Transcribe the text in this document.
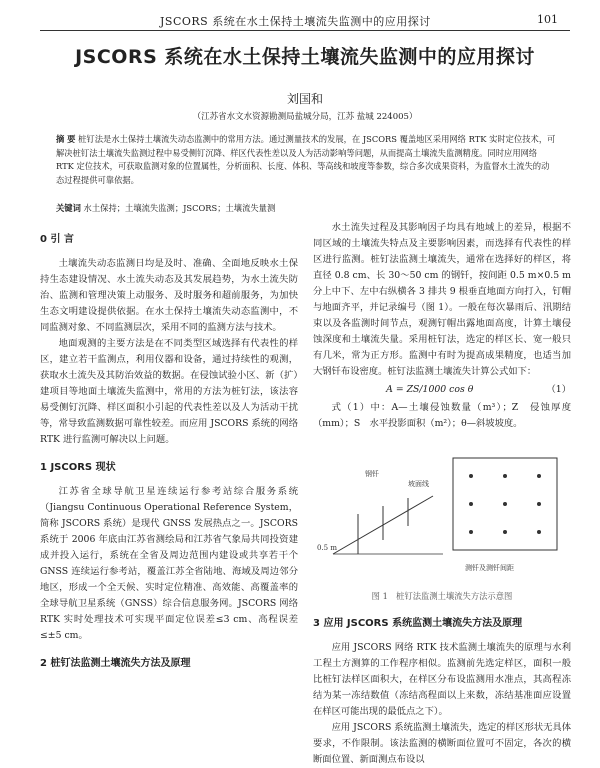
JSCORS 系统在水土保持土壤流失监测中的应用探讨	101
JSCORS 系统在水土保持土壤流失监测中的应用探讨
刘国和
（江苏省水文水资源勘测局盐城分局，江苏 盐城 224005）
摘 要 桩钉法是水土保持土壤流失动态监测中的常用方法。通过测量技术的发展，在 JSCORS 覆盖地区采用网络 RTK 实时定位技术，可解决桩钉法土壤流失监测过程中易受侧钉沉降、样区代表性差以及人为活动影响等问题，从而提高土壤流失监测精度。同时应用网络 RTK 定位技术，可获取监测对象的位置属性，分析面积、长度、体积、等高线和坡度等参数，综合多次成果资料，为监督水土流失的动态过程提供可靠依据。
关键词 水土保持；土壤流失监测；JSCORS；土壤流失量测
0 引 言

土壤流失动态监测日均是及时、准确、全面地反映水土保持生态建设情况、水土流失动态及其发展趋势，为水土流失防治、监测和管理决策上动服务、及时服务和超前服务，为加快生态文明建设提供依据。在水土保持土壤流失动态监测中，不同监测对象、不同监测层次，采用不同的监测方法与技术。

地面观测的主要方法是在不同类型区域选择有代表性的样区，建立若干监测点，利用仪器和设备，通过持续性的观测，获取水土流失及其防治效益的数据。在侵蚀试验小区、新（扩）建项目等地面土壤流失监测中，常用的方法为桩钉法，该法容易受侧钉沉降、样区面积小引起的代表性差以及人为活动干扰等，常导致监测数据可靠性较差。而应用 JSCORS 系统的网络 RTK 进行监测可解决以上问题。

1 JSCORS 现状

江苏省全球导航卫星连续运行参考站综合服务系统（Jiangsu Continuous Operational Reference System，简称 JSCORS 系统）是现代 GNSS 发展热点之一。JSCORS 系统于 2006 年底由江苏省测绘局和江苏省气象局共同投资建成并投入运行，系统在全省及周边范围内建设或共享若干个 GNSS 连续运行参考站，覆盖江苏全省陆地、海域及周边邻分地区，形成一个全天候、实时定位精准、高效能、高覆盖率的全球导航卫星系统（GNSS）综合信息服务网。JSCORS 网络 RTK 实时处理技术可实现平面定位误差≤3 cm、高程误差≤±5 cm。

2 桩钉法监测土壤流失方法及原理

水土流失过程及其影响因子均具有地域上的差异，根据不同区域的土壤流失特点及主要影响因素，而选择有代表性的样区进行监测。桩钉法监测土壤流失，通常在选择好的样区，将直径 0.8 cm、长 30～50 cm 的钢钎，按间距 0.5 m×0.5 m 分上中下、左中右纵横各 3 排共 9 根垂直地面方向打入，钉帽与地面齐平，并记录编号（图 1）。一般在每次暴雨后、汛期结束以及各监测时间节点，观测钉帽出露地面高度，计算土壤侵蚀深度和土壤流失量。采用桩钉法，选定的样区长、宽一般只有几米，常为正方形。监测中有时为提高成果精度，也适当加大钢钎布设密度。桩钉法监测土壤流失计算公式如下：

A = ZS/1000 cos θ	（1）

式（1）中：A—土壤侵蚀数量（m³）；Z　侵蚀厚度（mm）；S　水平投影面积（m²）；θ—斜坡坡度。

钢钎
坡面线
0.5 m
测钎及测钎间距
图 1　桩钉法监测土壤流失方法示意图
3 应用 JSCORS 系统监测土壤流失方法及原理

应用 JSCORS 网络 RTK 技术监测土壤流失的原理与水利工程土方测算的工作程序相似。监测前先选定样区，面积一般比桩钉法样区面积大，在样区分布设监测用水准点，其高程冻结为某一冻结数值（冻结高程面以上来数，冻结基准面应设置在样区可能出现的最低点之下）。

应用 JSCORS 系统监测土壤流失，选定的样区形状无具体要求，不作限制。该法监测的横断面位置可不固定，各次的横断面位置、新面测点布设以
